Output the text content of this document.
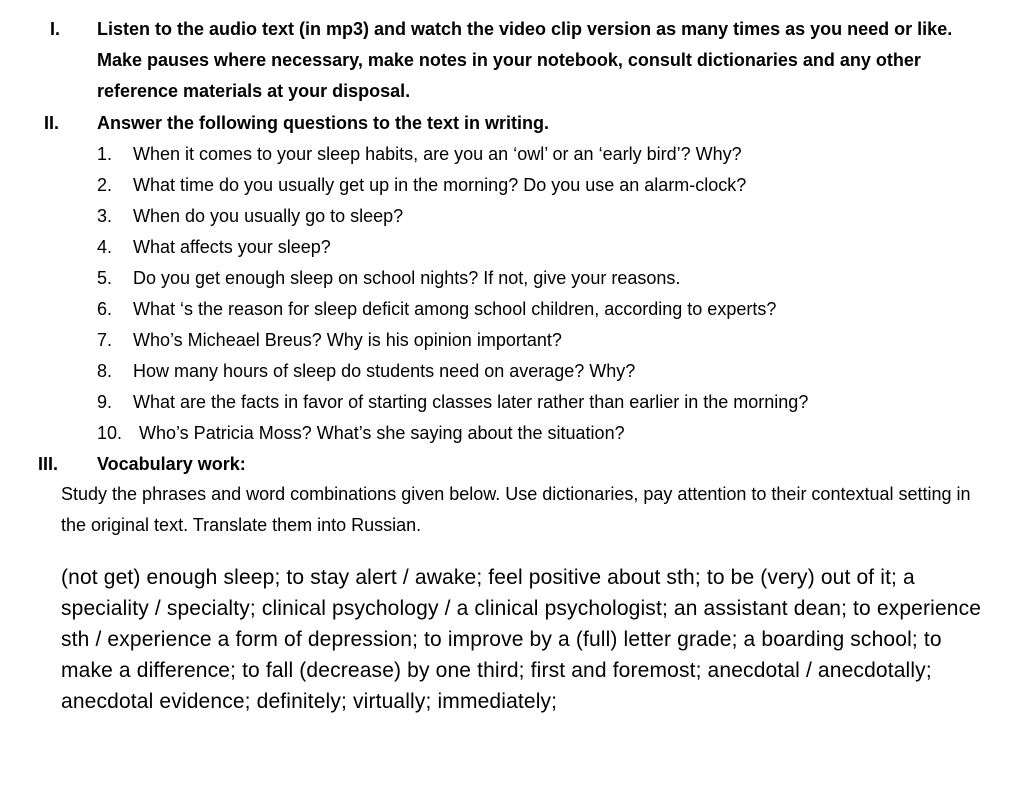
I. Listen to the audio text (in mp3) and watch the video clip version as many times as you need or like. Make pauses where necessary, make notes in your notebook, consult dictionaries and any other reference materials at your disposal.
II. Answer the following questions to the text in writing.
1. When it comes to your sleep habits, are you an ‘owl’ or an ‘early bird’? Why?
2. What time do you usually get up in the morning? Do you use an alarm-clock?
3. When do you usually go to sleep?
4. What affects your sleep?
5. Do you get enough sleep on school nights? If not, give your reasons.
6. What ‘s the reason for sleep deficit among school children, according to experts?
7. Who’s Micheael Breus? Why is his opinion important?
8. How many hours of sleep do students need on average? Why?
9. What are the facts in favor of starting classes later rather than earlier in the morning?
10. Who’s Patricia Moss? What’s she saying about the situation?
III. Vocabulary work:
Study the phrases and word combinations given below. Use dictionaries, pay attention to their contextual setting in the original text. Translate them into Russian.
(not get) enough sleep; to stay alert / awake; feel positive about sth; to be (very) out of it; a speciality / specialty; clinical psychology / a clinical psychologist; an assistant dean; to experience sth / experience a form of depression; to improve by a (full) letter grade; a boarding school; to make a difference; to fall (decrease) by one third; first and foremost; anecdotal / anecdotally; anecdotal evidence; definitely; virtually; immediately;
